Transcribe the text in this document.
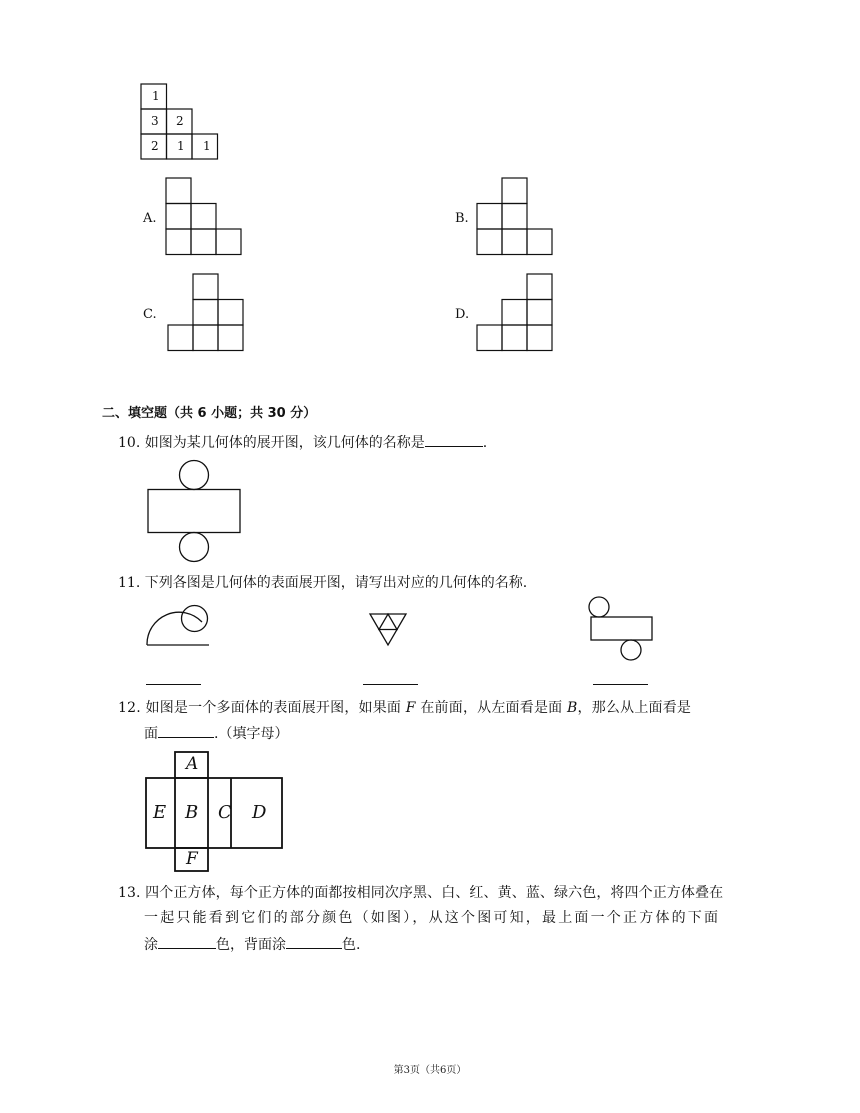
1
3 2
2 1 1
A.	B.
C.	D.
二、填空题（共 6 小题；共 30 分）
10. 如图为某几何体的展开图，该几何体的名称是	.
11. 下列各图是几何体的表面展开图，请写出对应的几何体的名称.
12. 如图是一个多面体的表面展开图，如果面 F 在前面，从左面看是面 B，那么从上面看是
面	.（填字母）
A
E B C D
F
13. 四个正方体，每个正方体的面都按相同次序黑、白、红、黄、蓝、绿六色，将四个正方体叠在
一起只能看到它们的部分颜色（如图），从这个图可知，最上面一个正方体的下面
涂	色，背面涂	色.
第3页（共6页）
